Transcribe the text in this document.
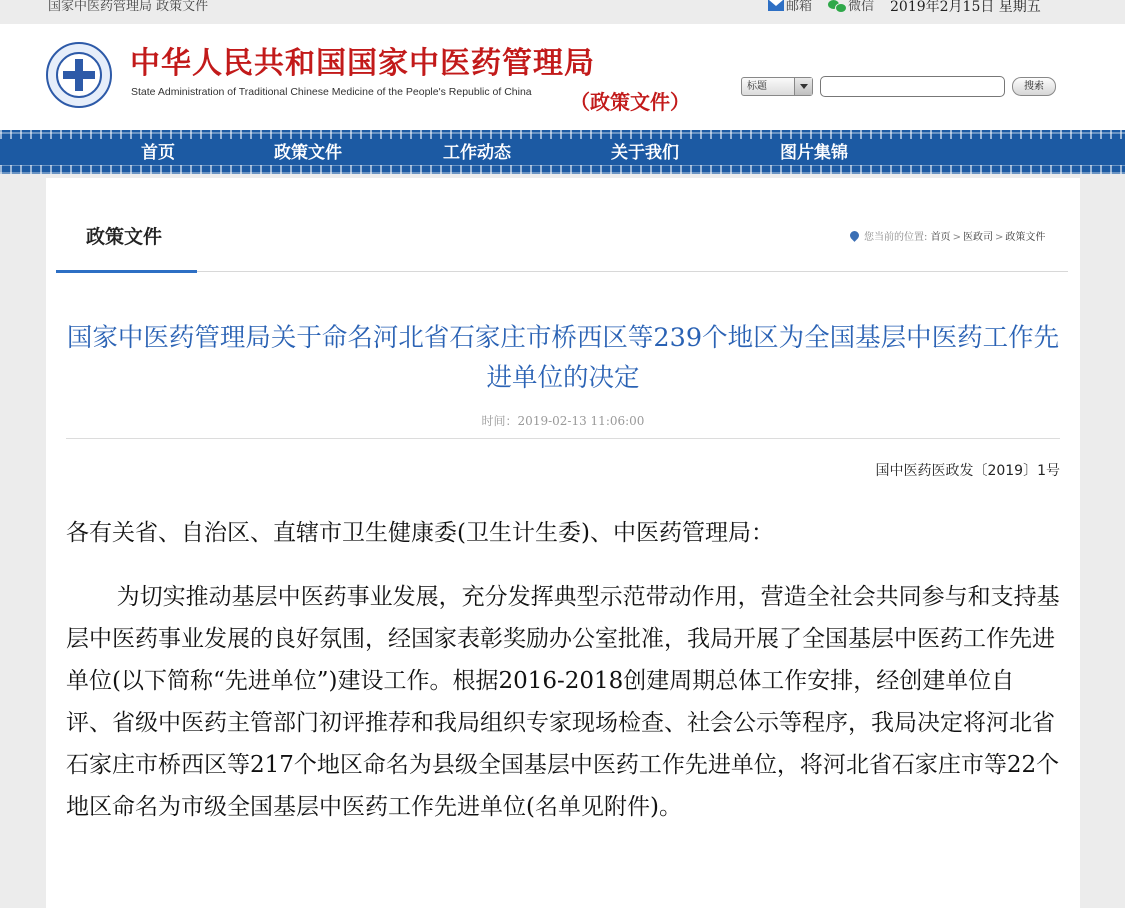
国家中医药管理局 政策文件	邮箱	微信 2019年2月15日 星期五
中华人民共和国国家中医药管理局
State Administration of Traditional Chinese Medicine of the People's Republic of China （政策文件）
标题	搜索
首页	政策文件	工作动态	关于我们	图片集锦
政策文件	您当前的位置: 首页 > 医政司 > 政策文件
国家中医药管理局关于命名河北省石家庄市桥西区等239个地区为全国基层中医药工作先进单位的决定
时间：2019-02-13 11:06:00
国中医药医政发〔2019〕1号
各有关省、自治区、直辖市卫生健康委(卫生计生委)、中医药管理局：
为切实推动基层中医药事业发展，充分发挥典型示范带动作用，营造全社会共同参与和支持基层中医药事业发展的良好氛围，经国家表彰奖励办公室批准，我局开展了全国基层中医药工作先进单位(以下简称“先进单位”)建设工作。根据2016-2018创建周期总体工作安排，经创建单位自评、省级中医药主管部门初评推荐和我局组织专家现场检查、社会公示等程序，我局决定将河北省石家庄市桥西区等217个地区命名为县级全国基层中医药工作先进单位，将河北省石家庄市等22个地区命名为市级全国基层中医药工作先进单位(名单见附件)。
